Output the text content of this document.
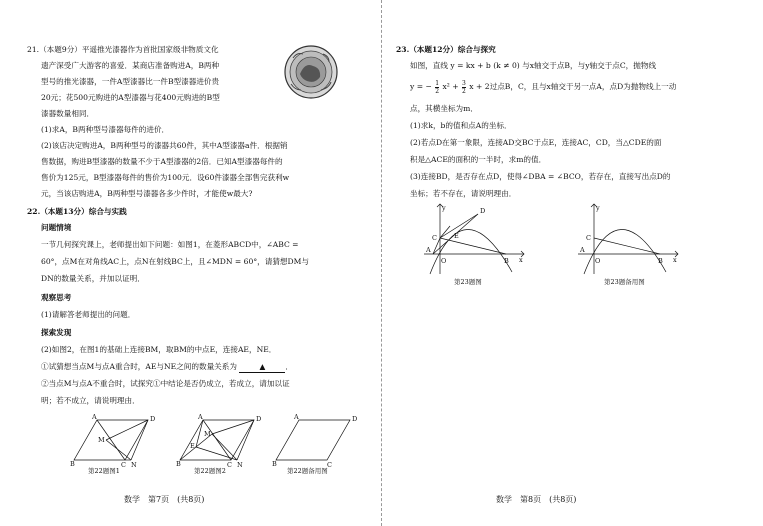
21.（本题9分）平遥推光漆器作为首批国家级非物质文化
遗产深受广大游客的喜爱．某商店准备购进A，B两种
型号的推光漆器，一件A型漆器比一件B型漆器进价贵
20元；花500元购进的A型漆器与花400元购进的B型
漆器数量相同．
(1)求A，B两种型号漆器每件的进价．
(2)该店决定购进A，B两种型号的漆器共60件，其中A型漆器a件．根据销
售数据，购进B型漆器的数量不少于A型漆器的2倍．已知A型漆器每件的
售价为125元，B型漆器每件的售价为100元．设60件漆器全部售完获利w
元，当该店购进A，B两种型号漆器各多少件时，才能使w最大?
22.（本题13分）综合与实践
问题情境
一节几何探究课上，老师提出如下问题：如图1，在菱形ABCD中，∠ABC =
60°，点M在对角线AC上，点N在射线BC上，且∠MDN = 60°，请猜想DM与
DN的数量关系，并加以证明．
观察思考
(1)请解答老师提出的问题．
探索发现
(2)如图2，在图1的基础上连接BM，取BM的中点E，连接AE，NE．
①试猜想当点M与点A重合时，AE与NE之间的数量关系为	▲	．
②当点M与点A不重合时，试探究①中结论是否仍成立，若成立，请加以证
明；若不成立，请说明理由．
A	D
B	C N
M
第22题图1
A	D
B	C N
M
E
第22题图2
A	D
B	C
第22题备用图
数学　第7页　(共8页)
23.（本题12分）综合与探究
如图，直线 y = kx + b (k ≠ 0) 与x轴交于点B，与y轴交于点C，抛物线
y = − $\frac{1}{2} x^2 + \frac{3}{2}$ x + 2过点B，C，且与x轴交于另一点A，点D为抛物线上一动
点，其横坐标为m．
(1)求k，b的值和点A的坐标．
(2)若点D在第一象限，连接AD交BC于点E，连接AC，CD，当△CDE的面
积是△ACE的面积的一半时，求m的值．
(3)连接BD，是否存在点D，使得∠DBA = ∠BCO，若存在，直接写出点D的
坐标；若不存在，请说明理由．
y
x
D
C	E
A
O	B
第23题图
y
x
C
A
O	B
第23题备用图
数学　第8页　(共8页)
